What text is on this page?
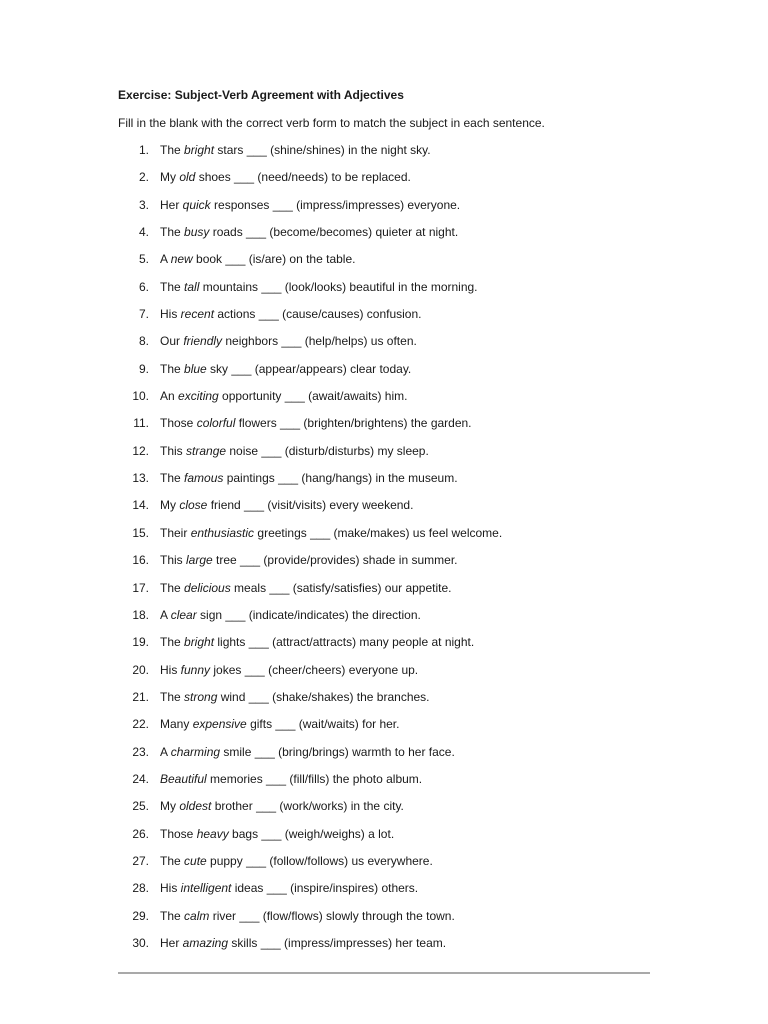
Exercise: Subject-Verb Agreement with Adjectives
Fill in the blank with the correct verb form to match the subject in each sentence.
1. The bright stars ___ (shine/shines) in the night sky.
2. My old shoes ___ (need/needs) to be replaced.
3. Her quick responses ___ (impress/impresses) everyone.
4. The busy roads ___ (become/becomes) quieter at night.
5. A new book ___ (is/are) on the table.
6. The tall mountains ___ (look/looks) beautiful in the morning.
7. His recent actions ___ (cause/causes) confusion.
8. Our friendly neighbors ___ (help/helps) us often.
9. The blue sky ___ (appear/appears) clear today.
10. An exciting opportunity ___ (await/awaits) him.
11. Those colorful flowers ___ (brighten/brightens) the garden.
12. This strange noise ___ (disturb/disturbs) my sleep.
13. The famous paintings ___ (hang/hangs) in the museum.
14. My close friend ___ (visit/visits) every weekend.
15. Their enthusiastic greetings ___ (make/makes) us feel welcome.
16. This large tree ___ (provide/provides) shade in summer.
17. The delicious meals ___ (satisfy/satisfies) our appetite.
18. A clear sign ___ (indicate/indicates) the direction.
19. The bright lights ___ (attract/attracts) many people at night.
20. His funny jokes ___ (cheer/cheers) everyone up.
21. The strong wind ___ (shake/shakes) the branches.
22. Many expensive gifts ___ (wait/waits) for her.
23. A charming smile ___ (bring/brings) warmth to her face.
24. Beautiful memories ___ (fill/fills) the photo album.
25. My oldest brother ___ (work/works) in the city.
26. Those heavy bags ___ (weigh/weighs) a lot.
27. The cute puppy ___ (follow/follows) us everywhere.
28. His intelligent ideas ___ (inspire/inspires) others.
29. The calm river ___ (flow/flows) slowly through the town.
30. Her amazing skills ___ (impress/impresses) her team.
